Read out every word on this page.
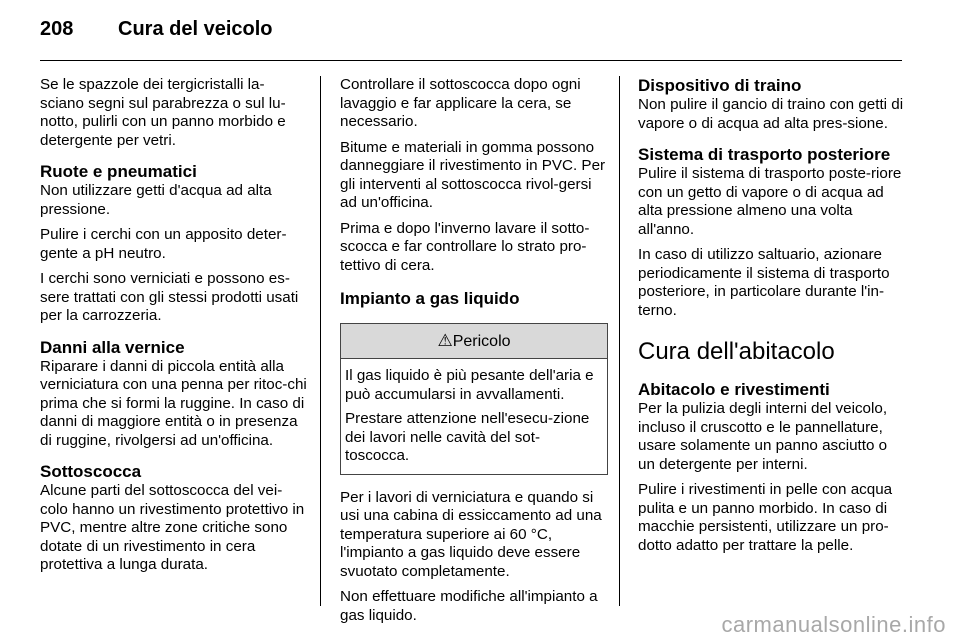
208 Cura del veicolo

Se le spazzole dei tergicristalli la-sciano segni sul parabrezza o sul lu-notto, pulirli con un panno morbido e detergente per vetri.

Ruote e pneumatici

Non utilizzare getti d'acqua ad alta pressione.

Pulire i cerchi con un apposito deter-gente a pH neutro.

I cerchi sono verniciati e possono es-sere trattati con gli stessi prodotti usati per la carrozzeria.

Danni alla vernice

Riparare i danni di piccola entità alla verniciatura con una penna per ritoc-chi prima che si formi la ruggine. In caso di danni di maggiore entità o in presenza di ruggine, rivolgersi ad un'officina.

Sottoscocca

Alcune parti del sottoscocca del vei-colo hanno un rivestimento protettivo in PVC, mentre altre zone critiche sono dotate di un rivestimento in cera protettiva a lunga durata.

Controllare il sottoscocca dopo ogni lavaggio e far applicare la cera, se necessario.

Bitume e materiali in gomma possono danneggiare il rivestimento in PVC. Per gli interventi al sottoscocca rivol-gersi ad un'officina.

Prima e dopo l'inverno lavare il sotto-scocca e far controllare lo strato pro-tettivo di cera.

Impianto a gas liquido
⚠Pericolo

Il gas liquido è più pesante dell'aria e può accumularsi in avvallamenti.

Prestare attenzione nell'esecu-zione dei lavori nelle cavità del sot-toscocca.

Per i lavori di verniciatura e quando si usi una cabina di essiccamento ad una temperatura superiore ai 60 °C, l'impianto a gas liquido deve essere svuotato completamente.

Non effettuare modifiche all'impianto a gas liquido.

Dispositivo di traino

Non pulire il gancio di traino con getti di vapore o di acqua ad alta pres-sione.

Sistema di trasporto posteriore

Pulire il sistema di trasporto poste-riore con un getto di vapore o di acqua ad alta pressione almeno una volta all'anno.

In caso di utilizzo saltuario, azionare periodicamente il sistema di trasporto posteriore, in particolare durante l'in-terno.

Cura dell'abitacolo
Abitacolo e rivestimenti

Per la pulizia degli interni del veicolo, incluso il cruscotto e le pannellature, usare solamente un panno asciutto o un detergente per interni.

Pulire i rivestimenti in pelle con acqua pulita e un panno morbido. In caso di macchie persistenti, utilizzare un pro-dotto adatto per trattare la pelle.

carmanualsonline.info
